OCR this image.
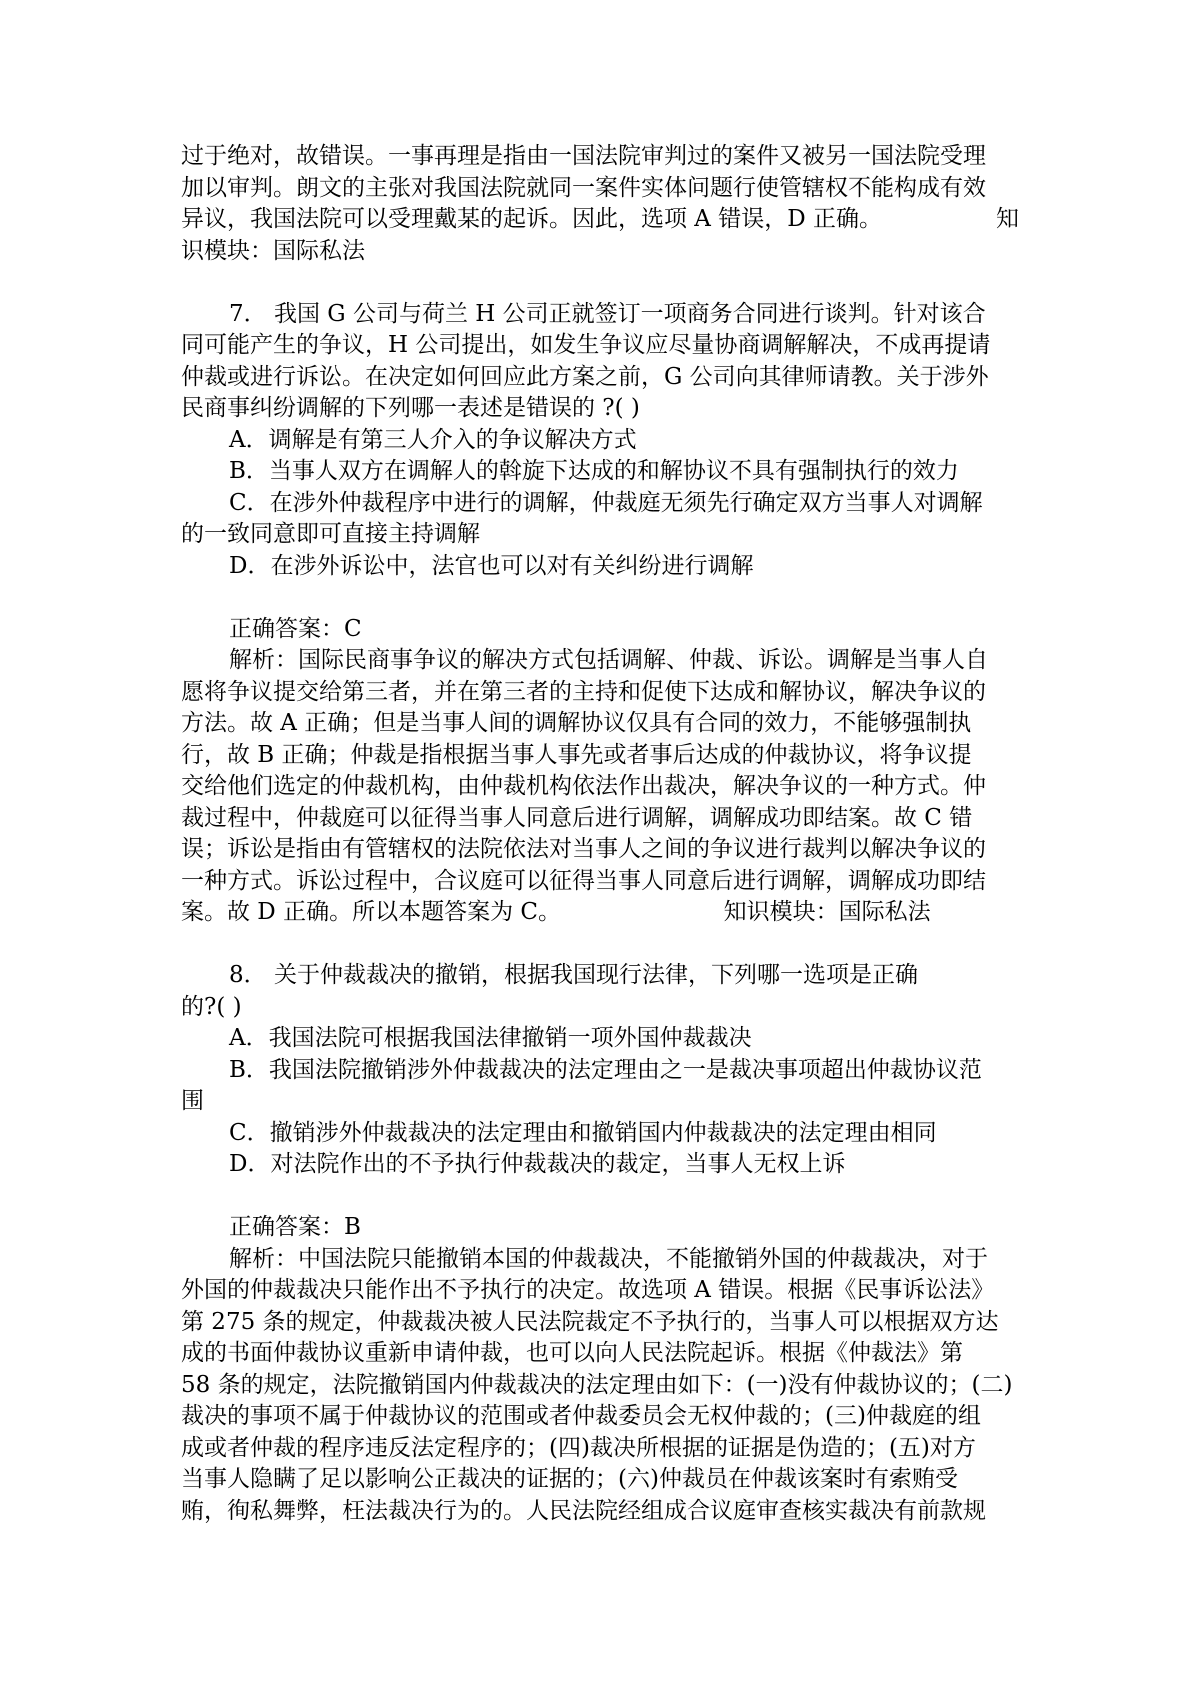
过于绝对，故错误。一事再理是指由一国法院审判过的案件又被另一国法院受理
加以审判。朗文的主张对我国法院就同一案件实体问题行使管辖权不能构成有效
异议，我国法院可以受理戴某的起诉。因此，选项 A 错误，D 正确。	知
识模块：国际私法
7． 我国 G 公司与荷兰 H 公司正就签订一项商务合同进行谈判。针对该合
同可能产生的争议，H 公司提出，如发生争议应尽量协商调解解决，不成再提请
仲裁或进行诉讼。在决定如何回应此方案之前，G 公司向其律师请教。关于涉外
民商事纠纷调解的下列哪一表述是错误的 ?( )
A．调解是有第三人介入的争议解决方式
B．当事人双方在调解人的斡旋下达成的和解协议不具有强制执行的效力
C．在涉外仲裁程序中进行的调解，仲裁庭无须先行确定双方当事人对调解
的一致同意即可直接主持调解
D．在涉外诉讼中，法官也可以对有关纠纷进行调解
正确答案：C
解析：国际民商事争议的解决方式包括调解、仲裁、诉讼。调解是当事人自
愿将争议提交给第三者，并在第三者的主持和促使下达成和解协议，解决争议的
方法。故 A 正确；但是当事人间的调解协议仅具有合同的效力，不能够强制执
行，故 B 正确；仲裁是指根据当事人事先或者事后达成的仲裁协议，将争议提
交给他们选定的仲裁机构，由仲裁机构依法作出裁决，解决争议的一种方式。仲
裁过程中，仲裁庭可以征得当事人同意后进行调解，调解成功即结案。故 C 错
误；诉讼是指由有管辖权的法院依法对当事人之间的争议进行裁判以解决争议的
一种方式。诉讼过程中，合议庭可以征得当事人同意后进行调解，调解成功即结
案。故 D 正确。所以本题答案为 C。	知识模块：国际私法
8． 关于仲裁裁决的撤销，根据我国现行法律，下列哪一选项是正确
的?( )
A．我国法院可根据我国法律撤销一项外国仲裁裁决
B．我国法院撤销涉外仲裁裁决的法定理由之一是裁决事项超出仲裁协议范
围
C．撤销涉外仲裁裁决的法定理由和撤销国内仲裁裁决的法定理由相同
D．对法院作出的不予执行仲裁裁决的裁定，当事人无权上诉
正确答案：B
解析：中国法院只能撤销本国的仲裁裁决，不能撤销外国的仲裁裁决，对于
外国的仲裁裁决只能作出不予执行的决定。故选项 A 错误。根据《民事诉讼法》
第 275 条的规定，仲裁裁决被人民法院裁定不予执行的，当事人可以根据双方达
成的书面仲裁协议重新申请仲裁，也可以向人民法院起诉。根据《仲裁法》第
58 条的规定，法院撤销国内仲裁裁决的法定理由如下：(一)没有仲裁协议的；(二)
裁决的事项不属于仲裁协议的范围或者仲裁委员会无权仲裁的；(三)仲裁庭的组
成或者仲裁的程序违反法定程序的；(四)裁决所根据的证据是伪造的；(五)对方
当事人隐瞒了足以影响公正裁决的证据的；(六)仲裁员在仲裁该案时有索贿受
贿，徇私舞弊，枉法裁决行为的。人民法院经组成合议庭审查核实裁决有前款规
